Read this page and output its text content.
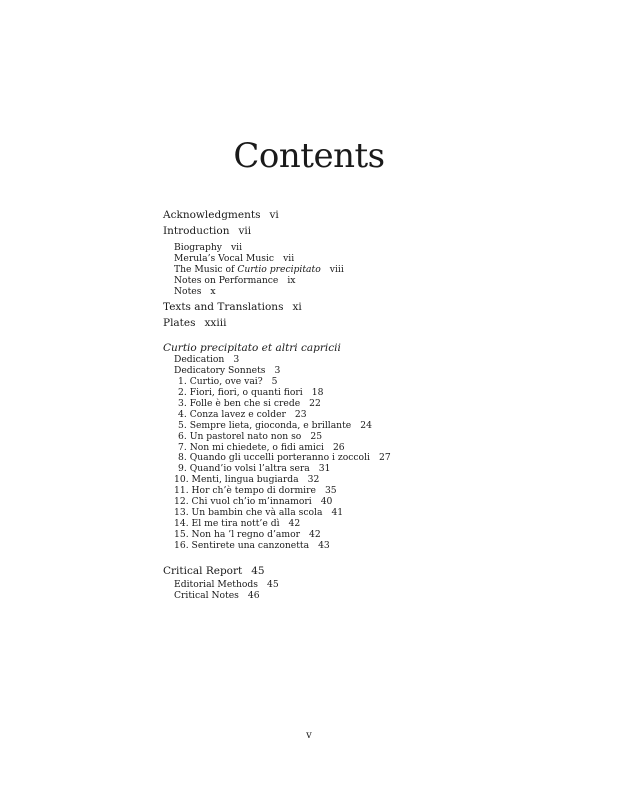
Contents
Acknowledgments vi
Introduction vii
Biography vii
Merula’s Vocal Music vii
The Music of Curtio precipitato viii
Notes on Performance ix
Notes x
Texts and Translations xi
Plates xxiii
Curtio precipitato et altri capricii
Dedication 3
Dedicatory Sonnets 3
1. Curtio, ove vai? 5
2. Fiori, fiori, o quanti fiori 18
3. Folle è ben che si crede 22
4. Conza lavez e colder 23
5. Sempre lieta, gioconda, e brillante 24
6. Un pastorel nato non so 25
7. Non mi chiedete, o fidi amici 26
8. Quando gli uccelli porteranno i zoccoli 27
9. Quand’io volsi l’altra sera 31
10. Menti, lingua bugiarda 32
11. Hor ch’è tempo di dormire 35
12. Chi vuol ch’io m’innamori 40
13. Un bambin che và alla scola 41
14. El me tira nott’e dì 42
15. Non ha ’l regno d’amor 42
16. Sentirete una canzonetta 43
Critical Report 45
Editorial Methods 45
Critical Notes 46
v
